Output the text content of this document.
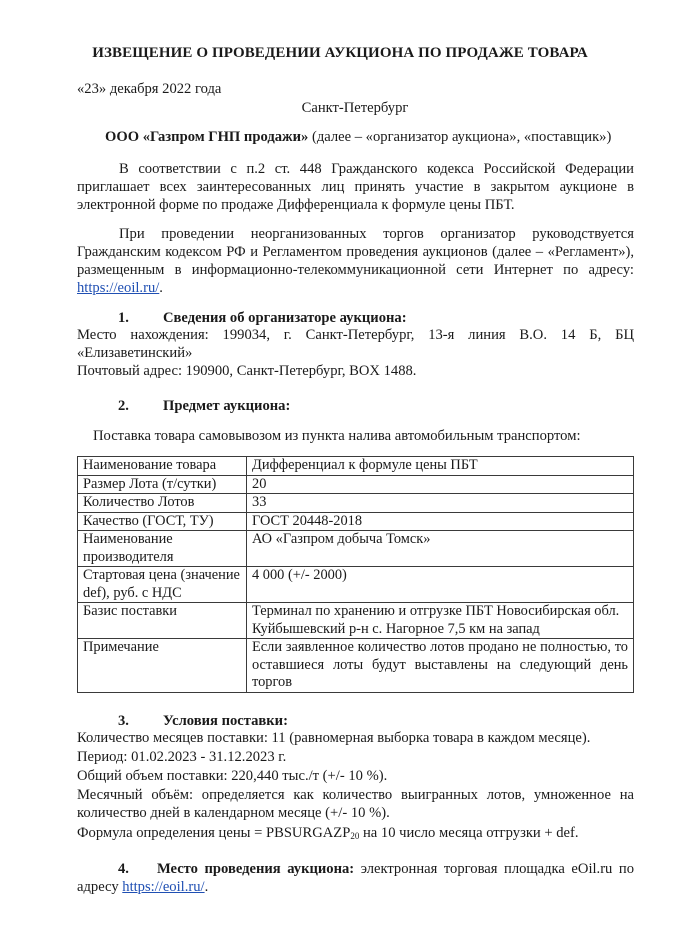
ИЗВЕЩЕНИЕ О ПРОВЕДЕНИИ АУКЦИОНА ПО ПРОДАЖЕ ТОВАРА
«23» декабря 2022 года
Санкт-Петербург
ООО «Газпром ГНП продажи» (далее – «организатор аукциона», «поставщик»)
В соответствии с п.2 ст. 448 Гражданского кодекса Российской Федерации приглашает всех заинтересованных лиц принять участие в закрытом аукционе в электронной форме по продаже Дифференциала к формуле цены ПБТ.
При проведении неорганизованных торгов организатор руководствуется Гражданским кодексом РФ и Регламентом проведения аукционов (далее – «Регламент»), размещенным в информационно-телекоммуникационной сети Интернет по адресу: https://eoil.ru/.
1. Сведения об организаторе аукциона:
Место нахождения: 199034, г. Санкт-Петербург, 13-я линия В.О. 14 Б, БЦ «Елизаветинский»
Почтовый адрес: 190900, Санкт-Петербург, BOX 1488.
2. Предмет аукциона:
Поставка товара самовывозом из пункта налива автомобильным транспортом:
Наименование товара	Дифференциал к формуле цены ПБТ
Размер Лота (т/сутки)	20
Количество Лотов	33
Качество (ГОСТ, ТУ)	ГОСТ 20448-2018
Наименование производителя	АО «Газпром добыча Томск»
Стартовая цена (значение def), руб. с НДС	4 000 (+/- 2000)
Базис поставки	Терминал по хранению и отгрузке ПБТ Новосибирская обл. Куйбышевский р-н с. Нагорное 7,5 км на запад
Примечание	Если заявленное количество лотов продано не полностью, то оставшиеся лоты будут выставлены на следующий день торгов
3. Условия поставки:
Количество месяцев поставки: 11 (равномерная выборка товара в каждом месяце).
Период: 01.02.2023 - 31.12.2023 г.
Общий объем поставки: 220,440 тыс./т (+/- 10 %).
Месячный объём: определяется как количество выигранных лотов, умноженное на количество дней в календарном месяце (+/- 10 %).
Формула определения цены = $PBSURGAZP_{20}$ на 10 число месяца отгрузки + def.
4. Место проведения аукциона: электронная торговая площадка eOil.ru по адресу https://eoil.ru/.
